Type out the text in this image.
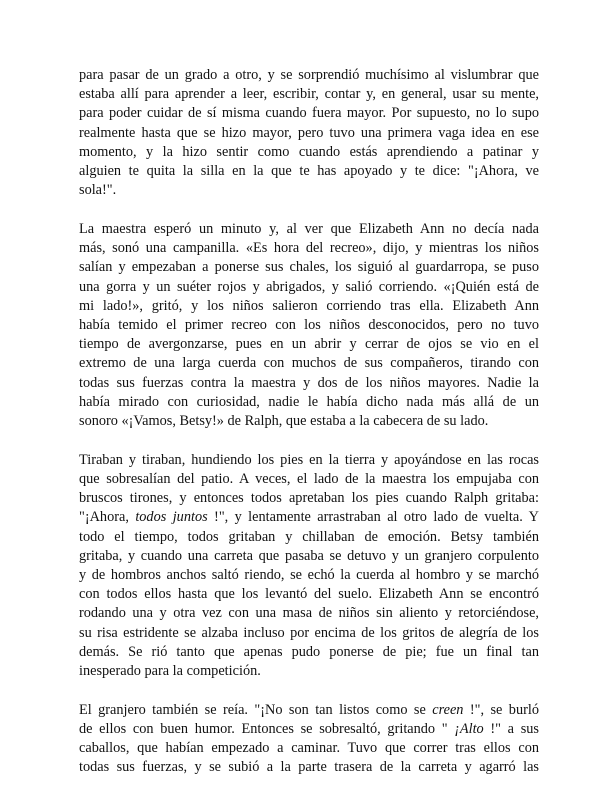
para pasar de un grado a otro, y se sorprendió muchísimo al vislumbrar que
estaba allí para aprender a leer, escribir, contar y, en general, usar su mente,
para poder cuidar de sí misma cuando fuera mayor. Por supuesto, no lo supo
realmente hasta que se hizo mayor, pero tuvo una primera vaga idea en ese
momento, y la hizo sentir como cuando estás aprendiendo a patinar y
alguien te quita la silla en la que te has apoyado y te dice: "¡Ahora, ve
sola!".

La maestra esperó un minuto y, al ver que Elizabeth Ann no decía nada
más, sonó una campanilla. «Es hora del recreo», dijo, y mientras los niños
salían y empezaban a ponerse sus chales, los siguió al guardarropa, se puso
una gorra y un suéter rojos y abrigados, y salió corriendo. «¡Quién está de
mi lado!», gritó, y los niños salieron corriendo tras ella. Elizabeth Ann
había temido el primer recreo con los niños desconocidos, pero no tuvo
tiempo de avergonzarse, pues en un abrir y cerrar de ojos se vio en el
extremo de una larga cuerda con muchos de sus compañeros, tirando con
todas sus fuerzas contra la maestra y dos de los niños mayores. Nadie la
había mirado con curiosidad, nadie le había dicho nada más allá de un
sonoro «¡Vamos, Betsy!» de Ralph, que estaba a la cabecera de su lado.

Tiraban y tiraban, hundiendo los pies en la tierra y apoyándose en las rocas
que sobresalían del patio. A veces, el lado de la maestra los empujaba con
bruscos tirones, y entonces todos apretaban los pies cuando Ralph gritaba:
"¡Ahora, todos juntos !", y lentamente arrastraban al otro lado de vuelta. Y
todo el tiempo, todos gritaban y chillaban de emoción. Betsy también
gritaba, y cuando una carreta que pasaba se detuvo y un granjero corpulento
y de hombros anchos saltó riendo, se echó la cuerda al hombro y se marchó
con todos ellos hasta que los levantó del suelo. Elizabeth Ann se encontró
rodando una y otra vez con una masa de niños sin aliento y retorciéndose,
su risa estridente se alzaba incluso por encima de los gritos de alegría de los
demás. Se rió tanto que apenas pudo ponerse de pie; fue un final tan
inesperado para la competición.

El granjero también se reía. "¡No son tan listos como se creen !", se burló
de ellos con buen humor. Entonces se sobresaltó, gritando " ¡Alto !" a sus
caballos, que habían empezado a caminar. Tuvo que correr tras ellos con
todas sus fuerzas, y se subió a la parte trasera de la carreta y agarró las
